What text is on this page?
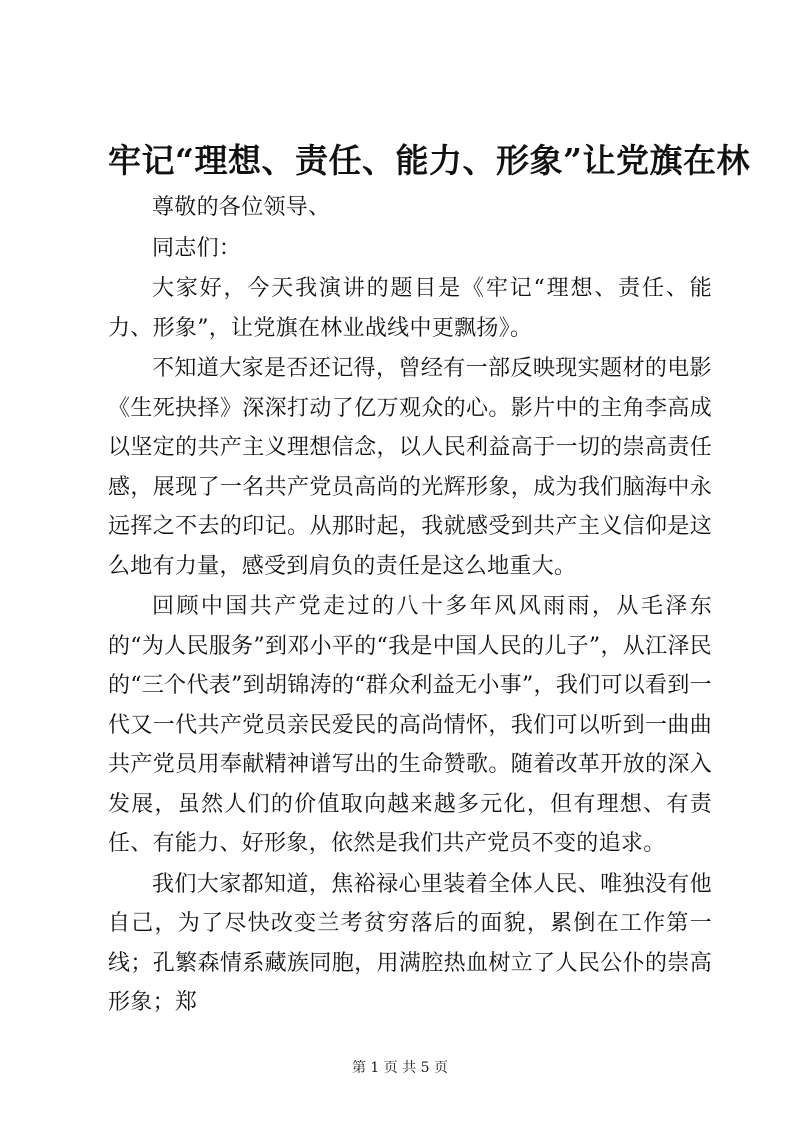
牢记“理想、责任、能力、形象”让党旗在林

尊敬的各位领导、

同志们：

大家好，今天我演讲的题目是《牢记“理想、责任、能力、形象”，让党旗在林业战线中更飘扬》。

不知道大家是否还记得，曾经有一部反映现实题材的电影《生死抉择》深深打动了亿万观众的心。影片中的主角李高成以坚定的共产主义理想信念，以人民利益高于一切的崇高责任感，展现了一名共产党员高尚的光辉形象，成为我们脑海中永远挥之不去的印记。从那时起，我就感受到共产主义信仰是这么地有力量，感受到肩负的责任是这么地重大。

回顾中国共产党走过的八十多年风风雨雨，从毛泽东的“为人民服务”到邓小平的“我是中国人民的儿子”，从江泽民的“三个代表”到胡锦涛的“群众利益无小事”，我们可以看到一代又一代共产党员亲民爱民的高尚情怀，我们可以听到一曲曲共产党员用奉献精神谱写出的生命赞歌。随着改革开放的深入发展，虽然人们的价值取向越来越多元化，但有理想、有责任、有能力、好形象，依然是我们共产党员不变的追求。

我们大家都知道，焦裕禄心里装着全体人民、唯独没有他自己，为了尽快改变兰考贫穷落后的面貌，累倒在工作第一线；孔繁森情系藏族同胞，用满腔热血树立了人民公仆的崇高形象；郑

第 1 页 共 5 页
